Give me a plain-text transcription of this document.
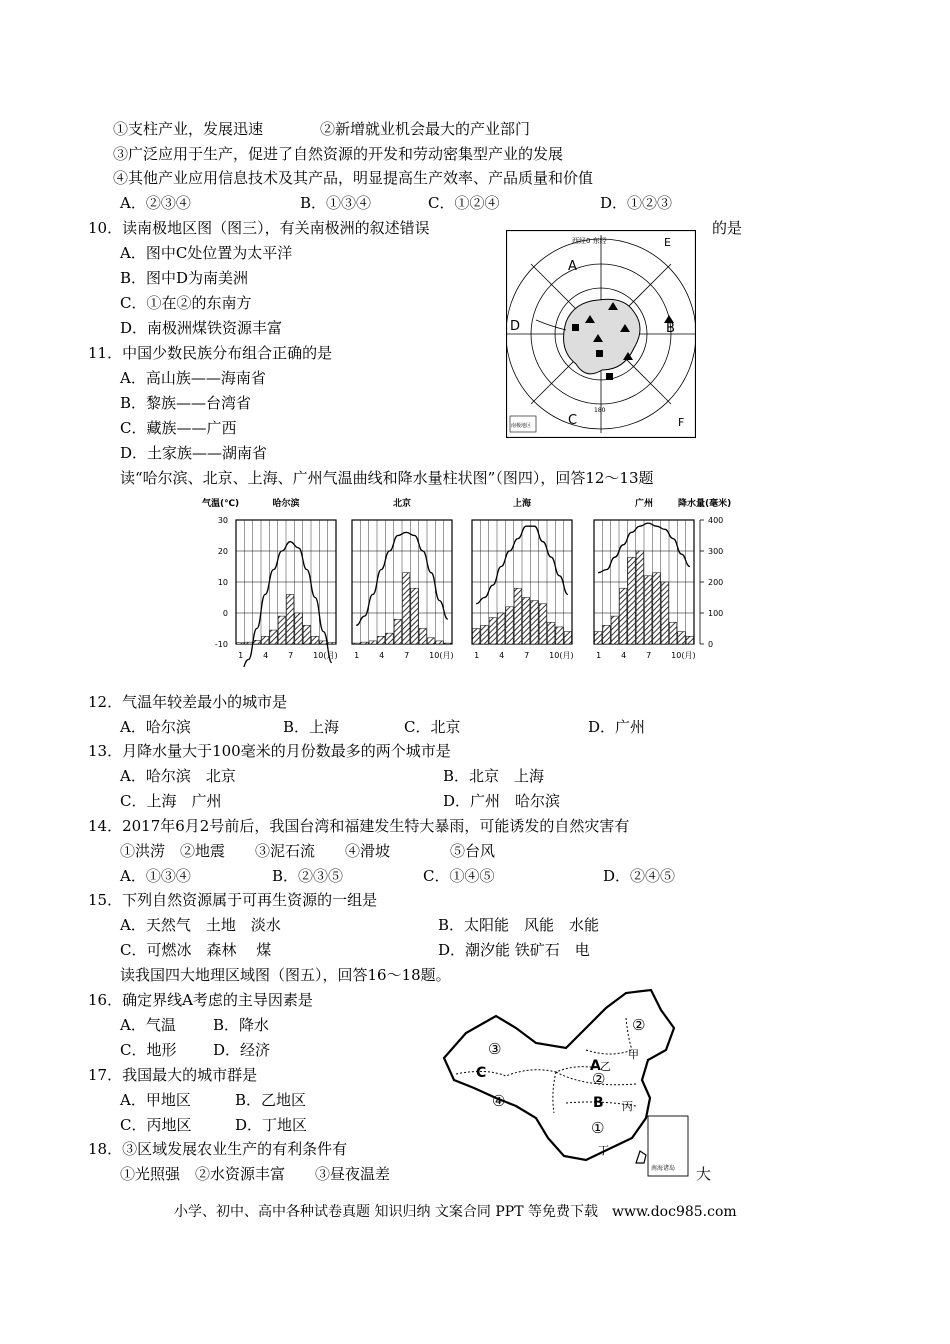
①支柱产业，发展迅速	②新增就业机会最大的产业部门
③广泛应用于生产，促进了自然资源的开发和劳动密集型产业的发展
④其他产业应用信息技术及其产品，明显提高生产效率、产品质量和价值
A．②③④	B．①③④	C．①②④	D．①②③
10．读南极地区图（图三），有关南极洲的叙述错误	的是
A．图中C处位置为太平洋
B．图中D为南美洲
C．①在②的东南方
D．南极洲煤铁资源丰富
A
B
C
D
E
F
西经0 东经
180
南极地区
11．中国少数民族分布组合正确的是
A．高山族——海南省
B．黎族——台湾省
C．藏族——广西
D．土家族——湖南省
读“哈尔滨、北京、上海、广州气温曲线和降水量柱状图”（图四），回答12～13题
气温(℃)	降水量(毫米)
30
20
10
0
-10
400
300
200
100
0
哈尔滨
1 4 7 10(月)
北京
1 4 7 10(月)
上海
1 4 7 10(月)
广州
1 4 7 10(月)
12．气温年较差最小的城市是
A．哈尔滨	B．上海	C．北京	D．广州
13．月降水量大于100毫米的月份数最多的两个城市是
A．哈尔滨　北京	B．北京　上海
C．上海　广州	D．广州　哈尔滨
14．2017年6月2号前后，我国台湾和福建发生特大暴雨，可能诱发的自然灾害有
①洪涝　②地震　　③泥石流　　④滑坡　　　　⑤台风
A．①③④	B．②③⑤	C．①④⑤	D．②④⑤
15．下列自然资源属于可再生资源的一组是
A．天然气　土地　淡水	B．太阳能　风能　水能
C．可燃冰　森林　 煤	D．潮汐能 铁矿石　电
读我国四大地理区域图（图五），回答16～18题。
16．确定界线A考虑的主导因素是
A．气温 B．降水
C．地形 D．经济
17．我国最大的城市群是
A．甲地区	B．乙地区
C．丙地区	D．丁地区
18．③区域发展农业生产的有利条件有
①光照强　②水资源丰富　　③昼夜温差	大
南海诸岛
①
②
②
③
④
A
B
C
甲
乙
丙
丁
小学、初中、高中各种试卷真题 知识归纳 文案合同 PPT 等免费下载　www.doc985.com
